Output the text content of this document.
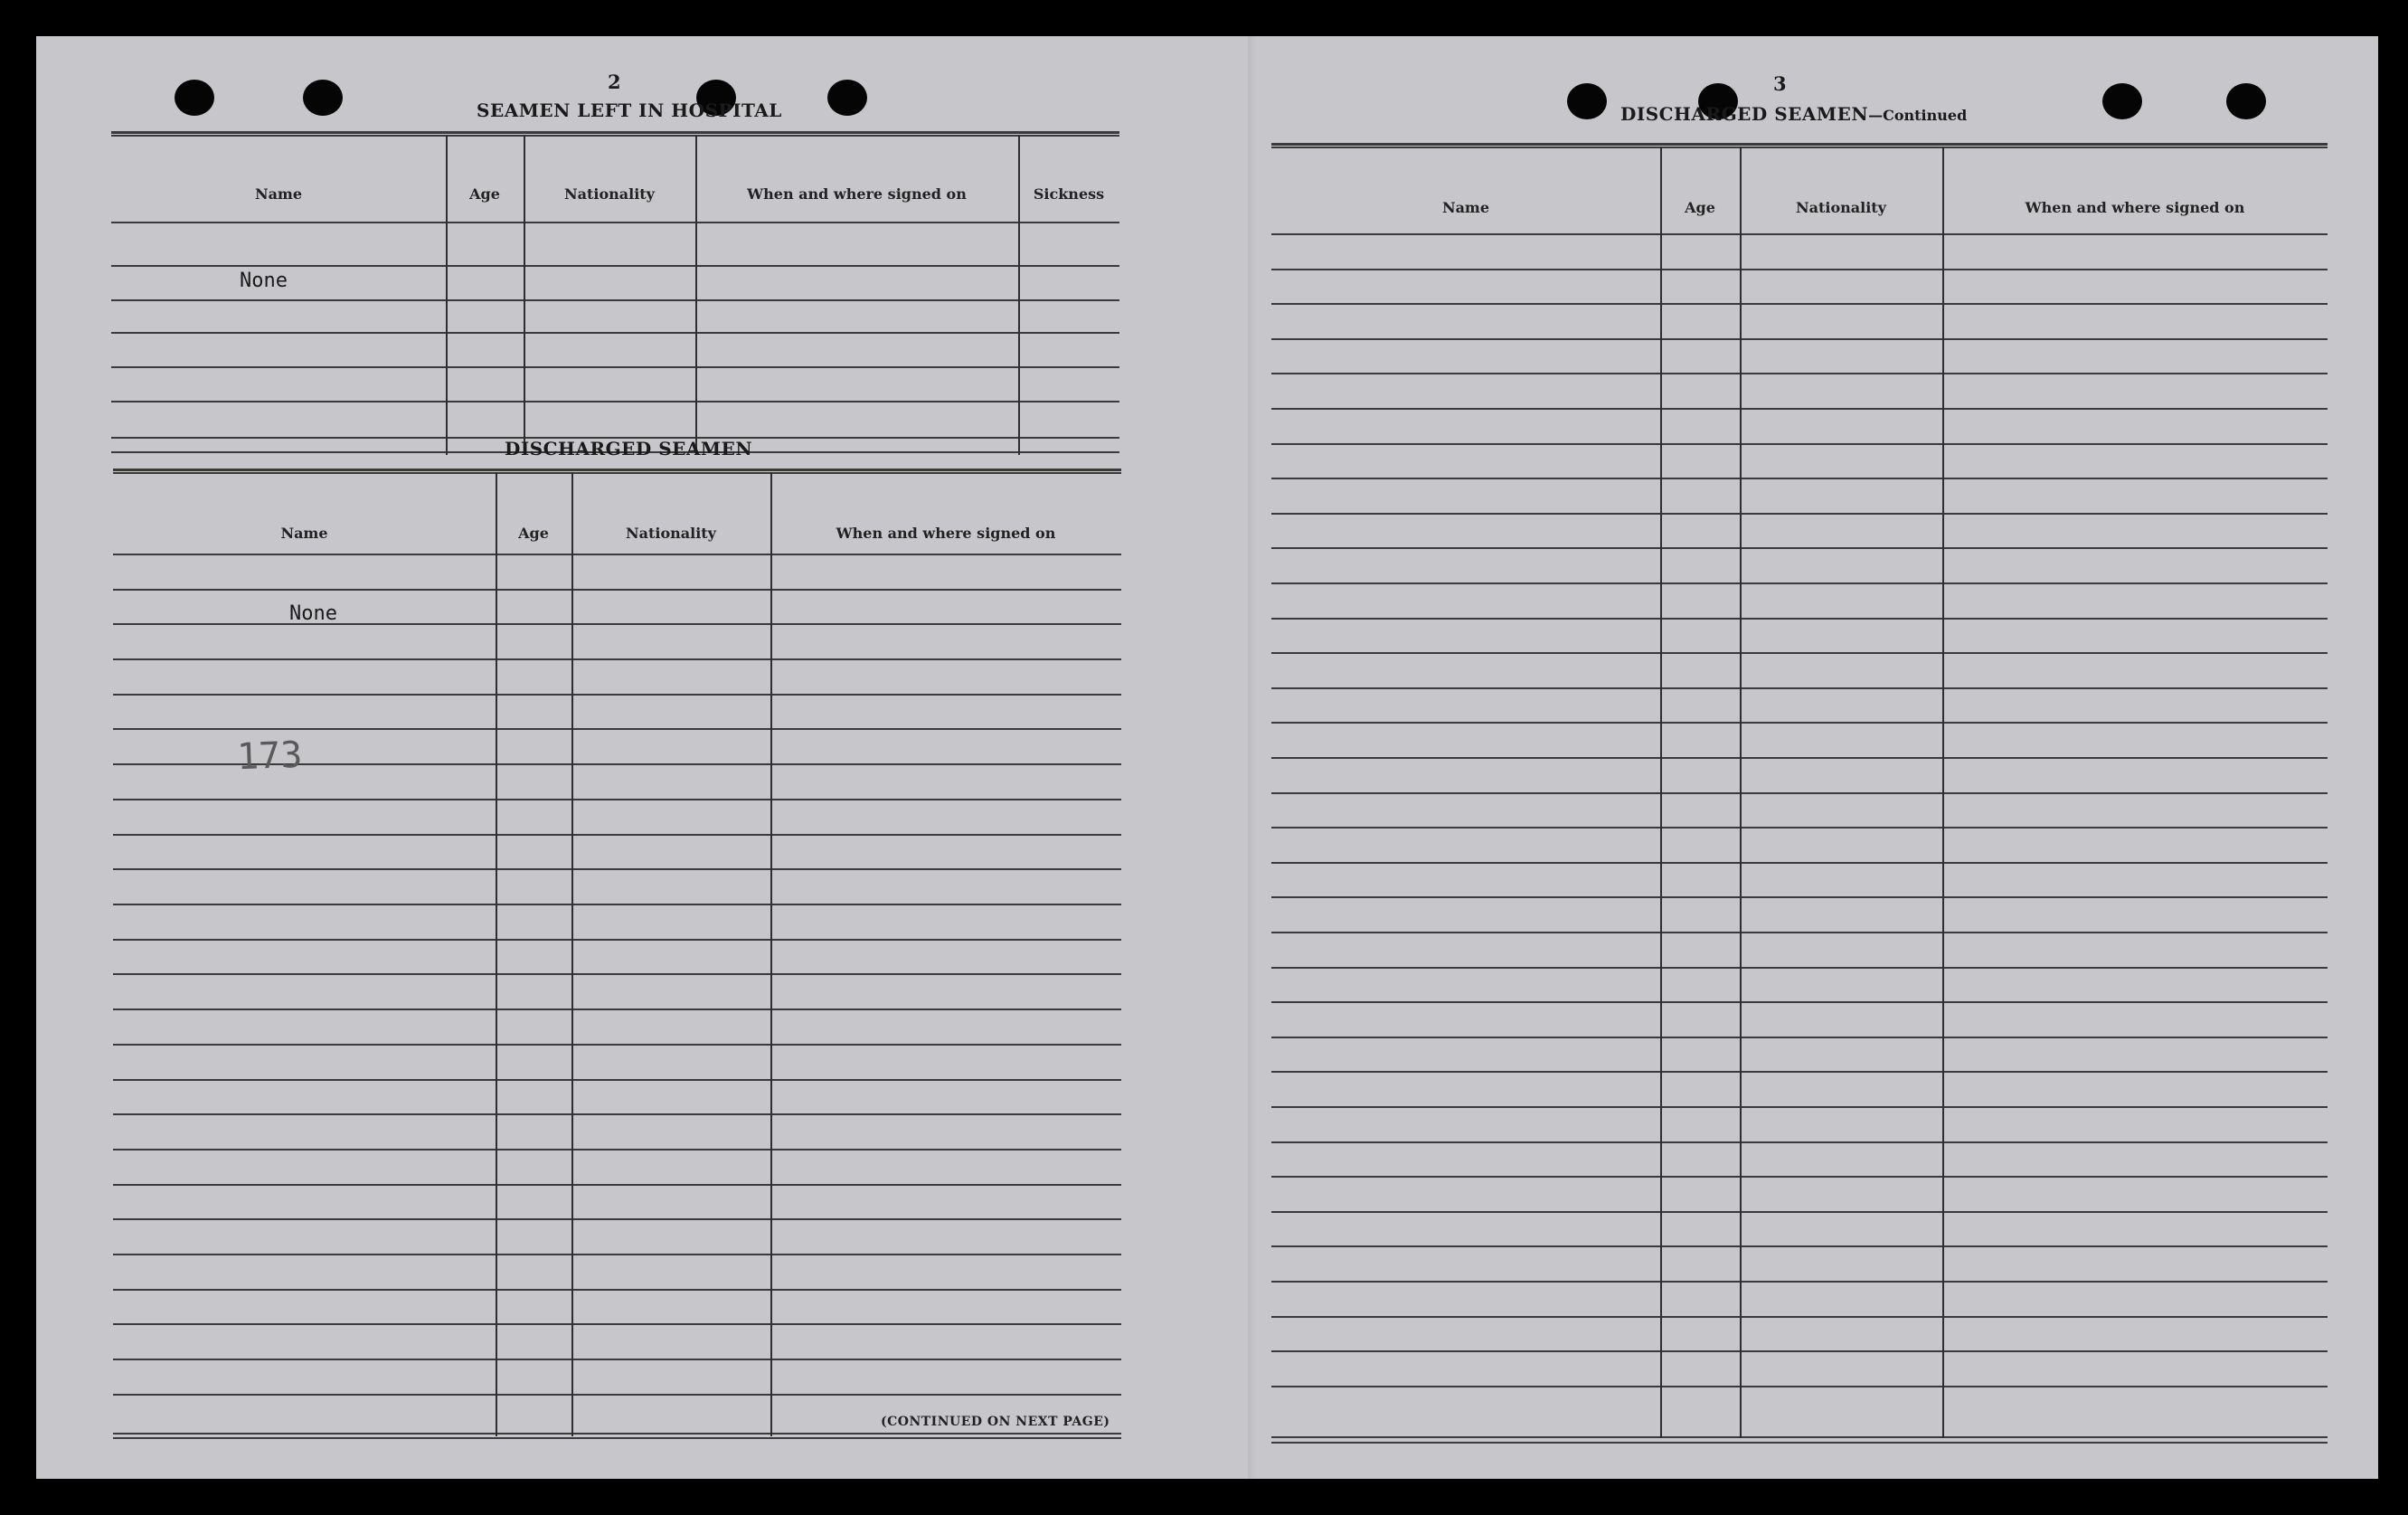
2
SEAMEN LEFT IN HOSPITAL
Name	Age	Nationality	When and where signed on	Sickness
None
DISCHARGED SEAMEN
Name	Age	Nationality	When and where signed on
None
173
(CONTINUED ON NEXT PAGE)
3
DISCHARGED SEAMEN—Continued
Name	Age	Nationality	When and where signed on
